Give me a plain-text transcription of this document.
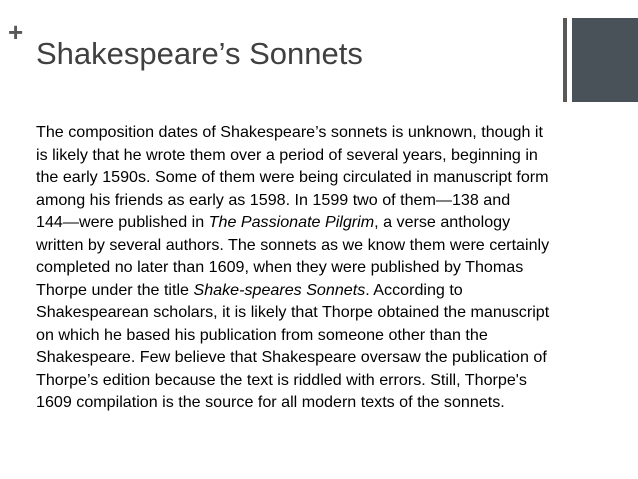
+
Shakespeare’s Sonnets
The composition dates of Shakespeare’s sonnets is unknown, though it
is likely that he wrote them over a period of several years, beginning in
the early 1590s. Some of them were being circulated in manuscript form
among his friends as early as 1598. In 1599 two of them—138 and
144—were published in The Passionate Pilgrim, a verse anthology
written by several authors. The sonnets as we know them were certainly
completed no later than 1609, when they were published by Thomas
Thorpe under the title Shake-speares Sonnets. According to
Shakespearean scholars, it is likely that Thorpe obtained the manuscript
on which he based his publication from someone other than the
Shakespeare. Few believe that Shakespeare oversaw the publication of
Thorpe’s edition because the text is riddled with errors. Still, Thorpe's
1609 compilation is the source for all modern texts of the sonnets.
